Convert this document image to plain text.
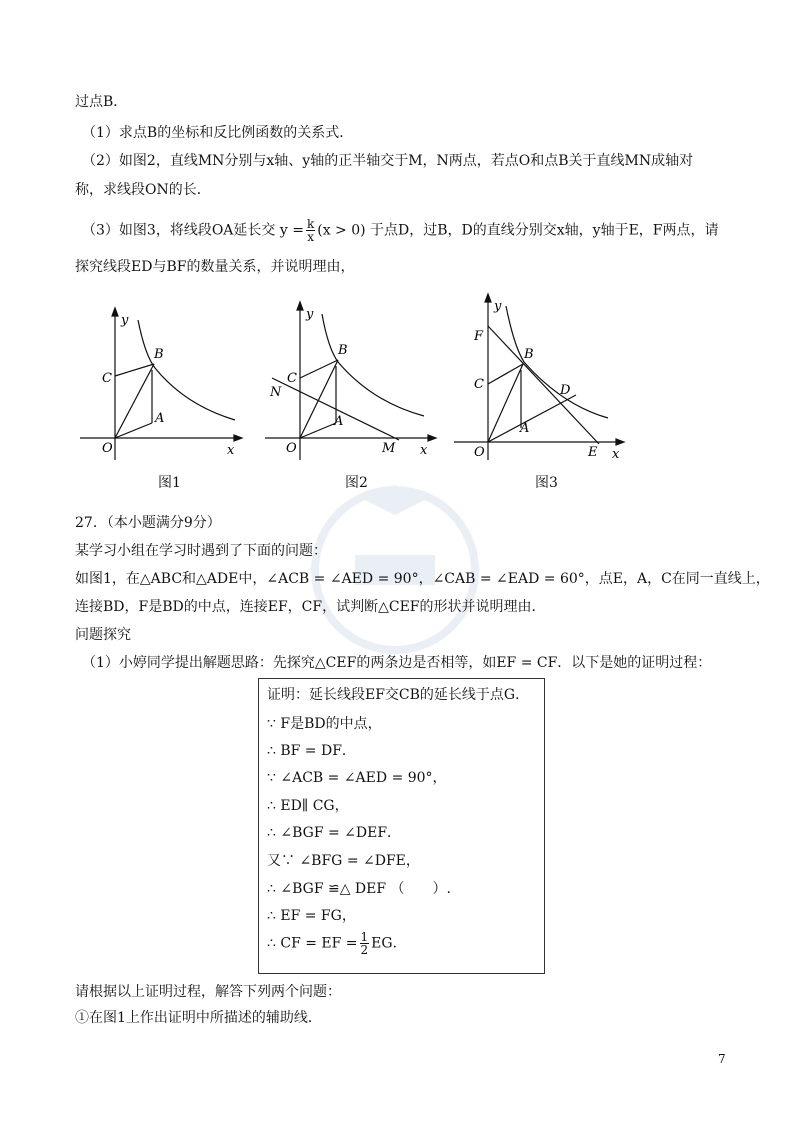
过点B．
（1）求点B的坐标和反比例函数的关系式．
（2）如图2，直线MN分别与x轴、y轴的正半轴交于M，N两点，若点O和点B关于直线MN成轴对
称，求线段ON的长．
（3）如图3，将线段OA延长交 $y = \frac{k}{x} (x > 0)$ 于点D，过B，D的直线分别交x轴，y轴于E，F两点，请
探究线段ED与BF的数量关系，并说明理由，
y
x
O
C
B
A
图1
y
x
O
C
N
B
A
M
图2
y
x
O
F
C
B
A
D
E
图3
27．（本小题满分9分）
某学习小组在学习时遇到了下面的问题：
如图1，在△ABC和△ADE中，∠ACB = ∠AED = 90°，∠CAB = ∠EAD = 60°，点E，A，C在同一直线上，
连接BD，F是BD的中点，连接EF，CF，试判断△CEF的形状并说明理由．
问题探究
（1）小婷同学提出解题思路：先探究△CEF的两条边是否相等，如EF = CF．以下是她的证明过程：
证明：延长线段EF交CB的延长线于点G．
∵ F是BD的中点，
∴ BF = DF．
∵ ∠ACB = ∠AED = 90°，
∴ ED∥ CG，
∴ ∠BGF = ∠DEF．
又∵ ∠BFG = ∠DFE，
∴ ∠BGF ≌△ DEF （　　）.
∴ EF = FG，
∴ CF = EF = $\frac{1}{2}$ EG．
请根据以上证明过程，解答下列两个问题：
①在图1上作出证明中所描述的辅助线．
7
